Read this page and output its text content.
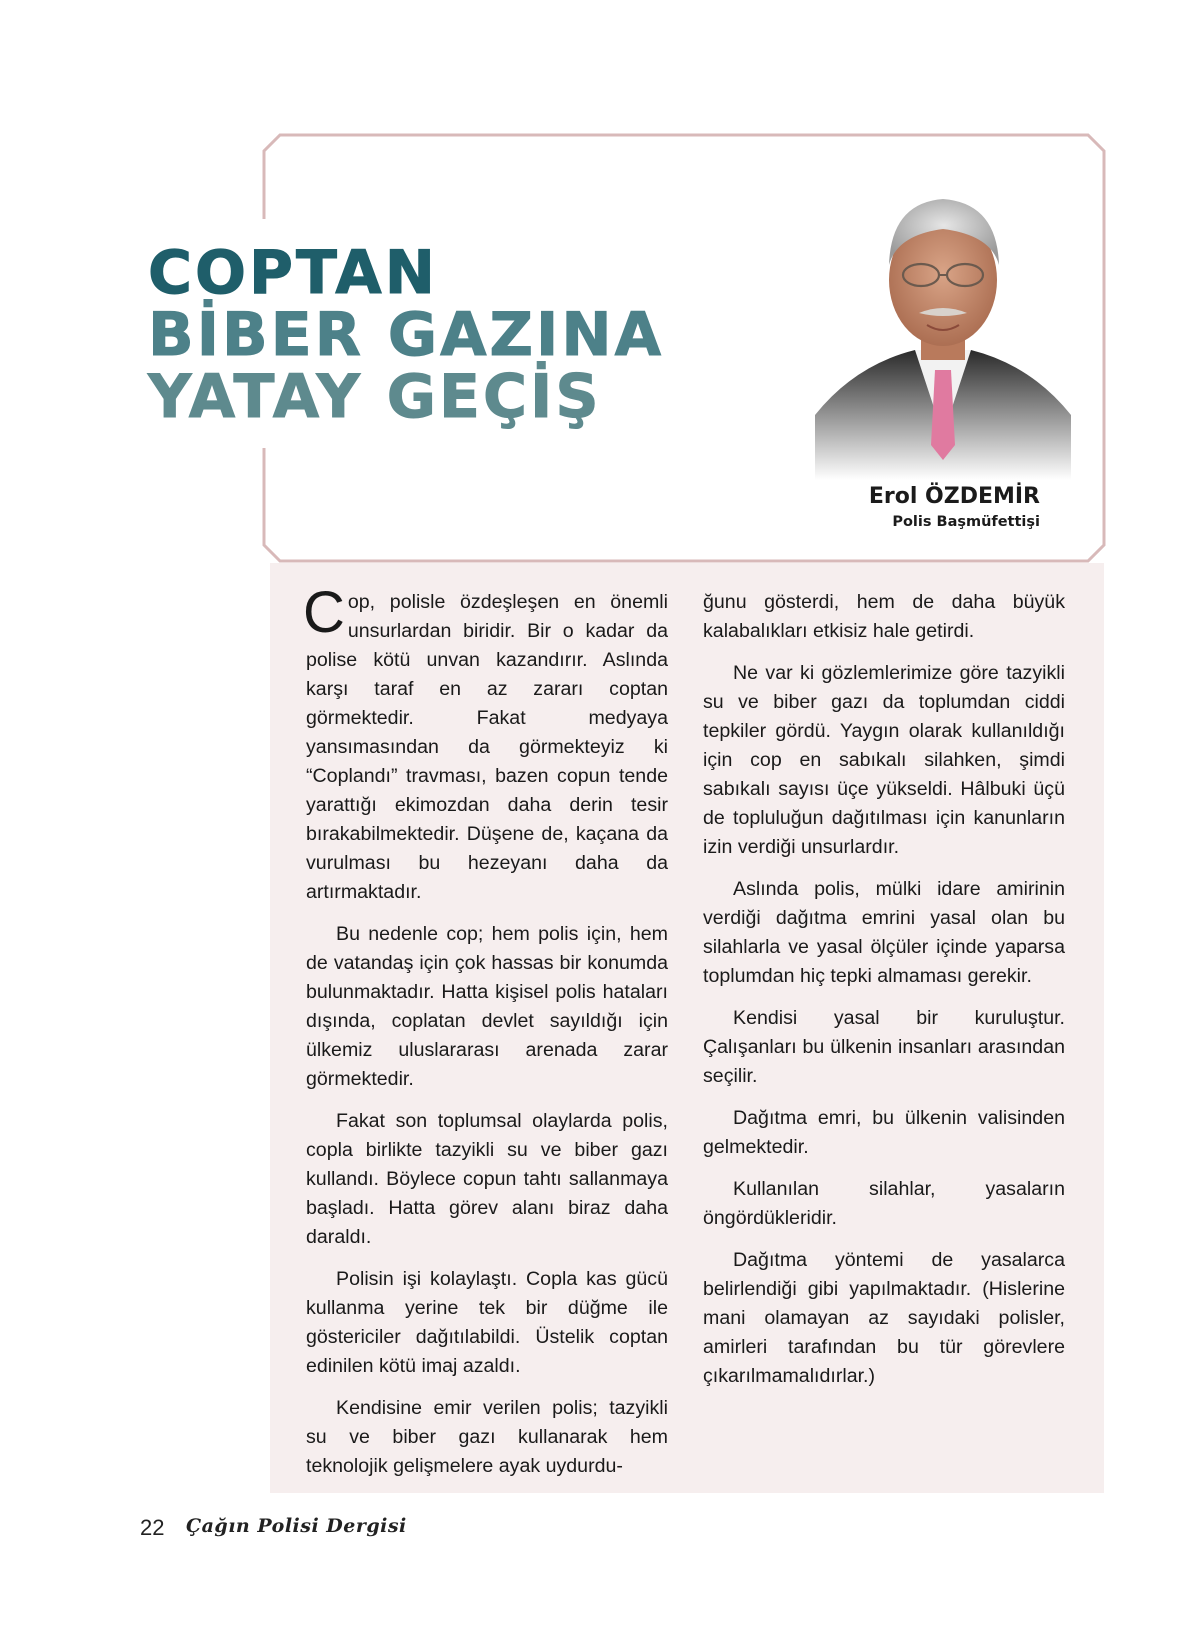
COPTAN
BİBER GAZINA
YATAY GEÇİŞ
Erol ÖZDEMİR
Polis Başmüfettişi

Cop, polisle özdeşleşen en önemli unsurlardan biridir. Bir o kadar da polise kötü unvan kazandırır. Aslında karşı taraf en az zararı coptan görmektedir. Fakat medyaya yansımasından da görmekteyiz ki “Coplandı” travması, bazen copun tende yarattığı ekimozdan daha derin tesir bırakabilmektedir. Düşene de, kaçana da vurulması bu hezeyanı daha da artırmaktadır.

Bu nedenle cop; hem polis için, hem de vatandaş için çok hassas bir konumda bulunmaktadır. Hatta kişisel polis hataları dışında, coplatan devlet sayıldığı için ülkemiz uluslararası arenada zarar görmektedir.

Fakat son toplumsal olaylarda polis, copla birlikte tazyikli su ve biber gazı kullandı. Böylece copun tahtı sallanmaya başladı. Hatta görev alanı biraz daha daraldı.

Polisin işi kolaylaştı. Copla kas gücü kullanma yerine tek bir düğme ile göstericiler dağıtılabildi. Üstelik coptan edinilen kötü imaj azaldı.

Kendisine emir verilen polis; tazyikli su ve biber gazı kullanarak hem teknolojik gelişmelere ayak uydurdu-

ğunu gösterdi, hem de daha büyük kalabalıkları etkisiz hale getirdi.

Ne var ki gözlemlerimize göre tazyikli su ve biber gazı da toplumdan ciddi tepkiler gördü. Yaygın olarak kullanıldığı için cop en sabıkalı silahken, şimdi sabıkalı sayısı üçe yükseldi. Hâlbuki üçü de topluluğun dağıtılması için kanunların izin verdiği unsurlardır.

Aslında polis, mülki idare amirinin verdiği dağıtma emrini yasal olan bu silahlarla ve yasal ölçüler içinde yaparsa toplumdan hiç tepki almaması gerekir.

Kendisi yasal bir kuruluştur. Çalışanları bu ülkenin insanları arasından seçilir.

Dağıtma emri, bu ülkenin valisinden gelmektedir.

Kullanılan silahlar, yasaların öngördükleridir.

Dağıtma yöntemi de yasalarca belirlendiği gibi yapılmaktadır. (Hislerine mani olamayan az sayıdaki polisler, amirleri tarafından bu tür görevlere çıkarılmamalıdırlar.)

22 Çağın Polisi Dergisi
